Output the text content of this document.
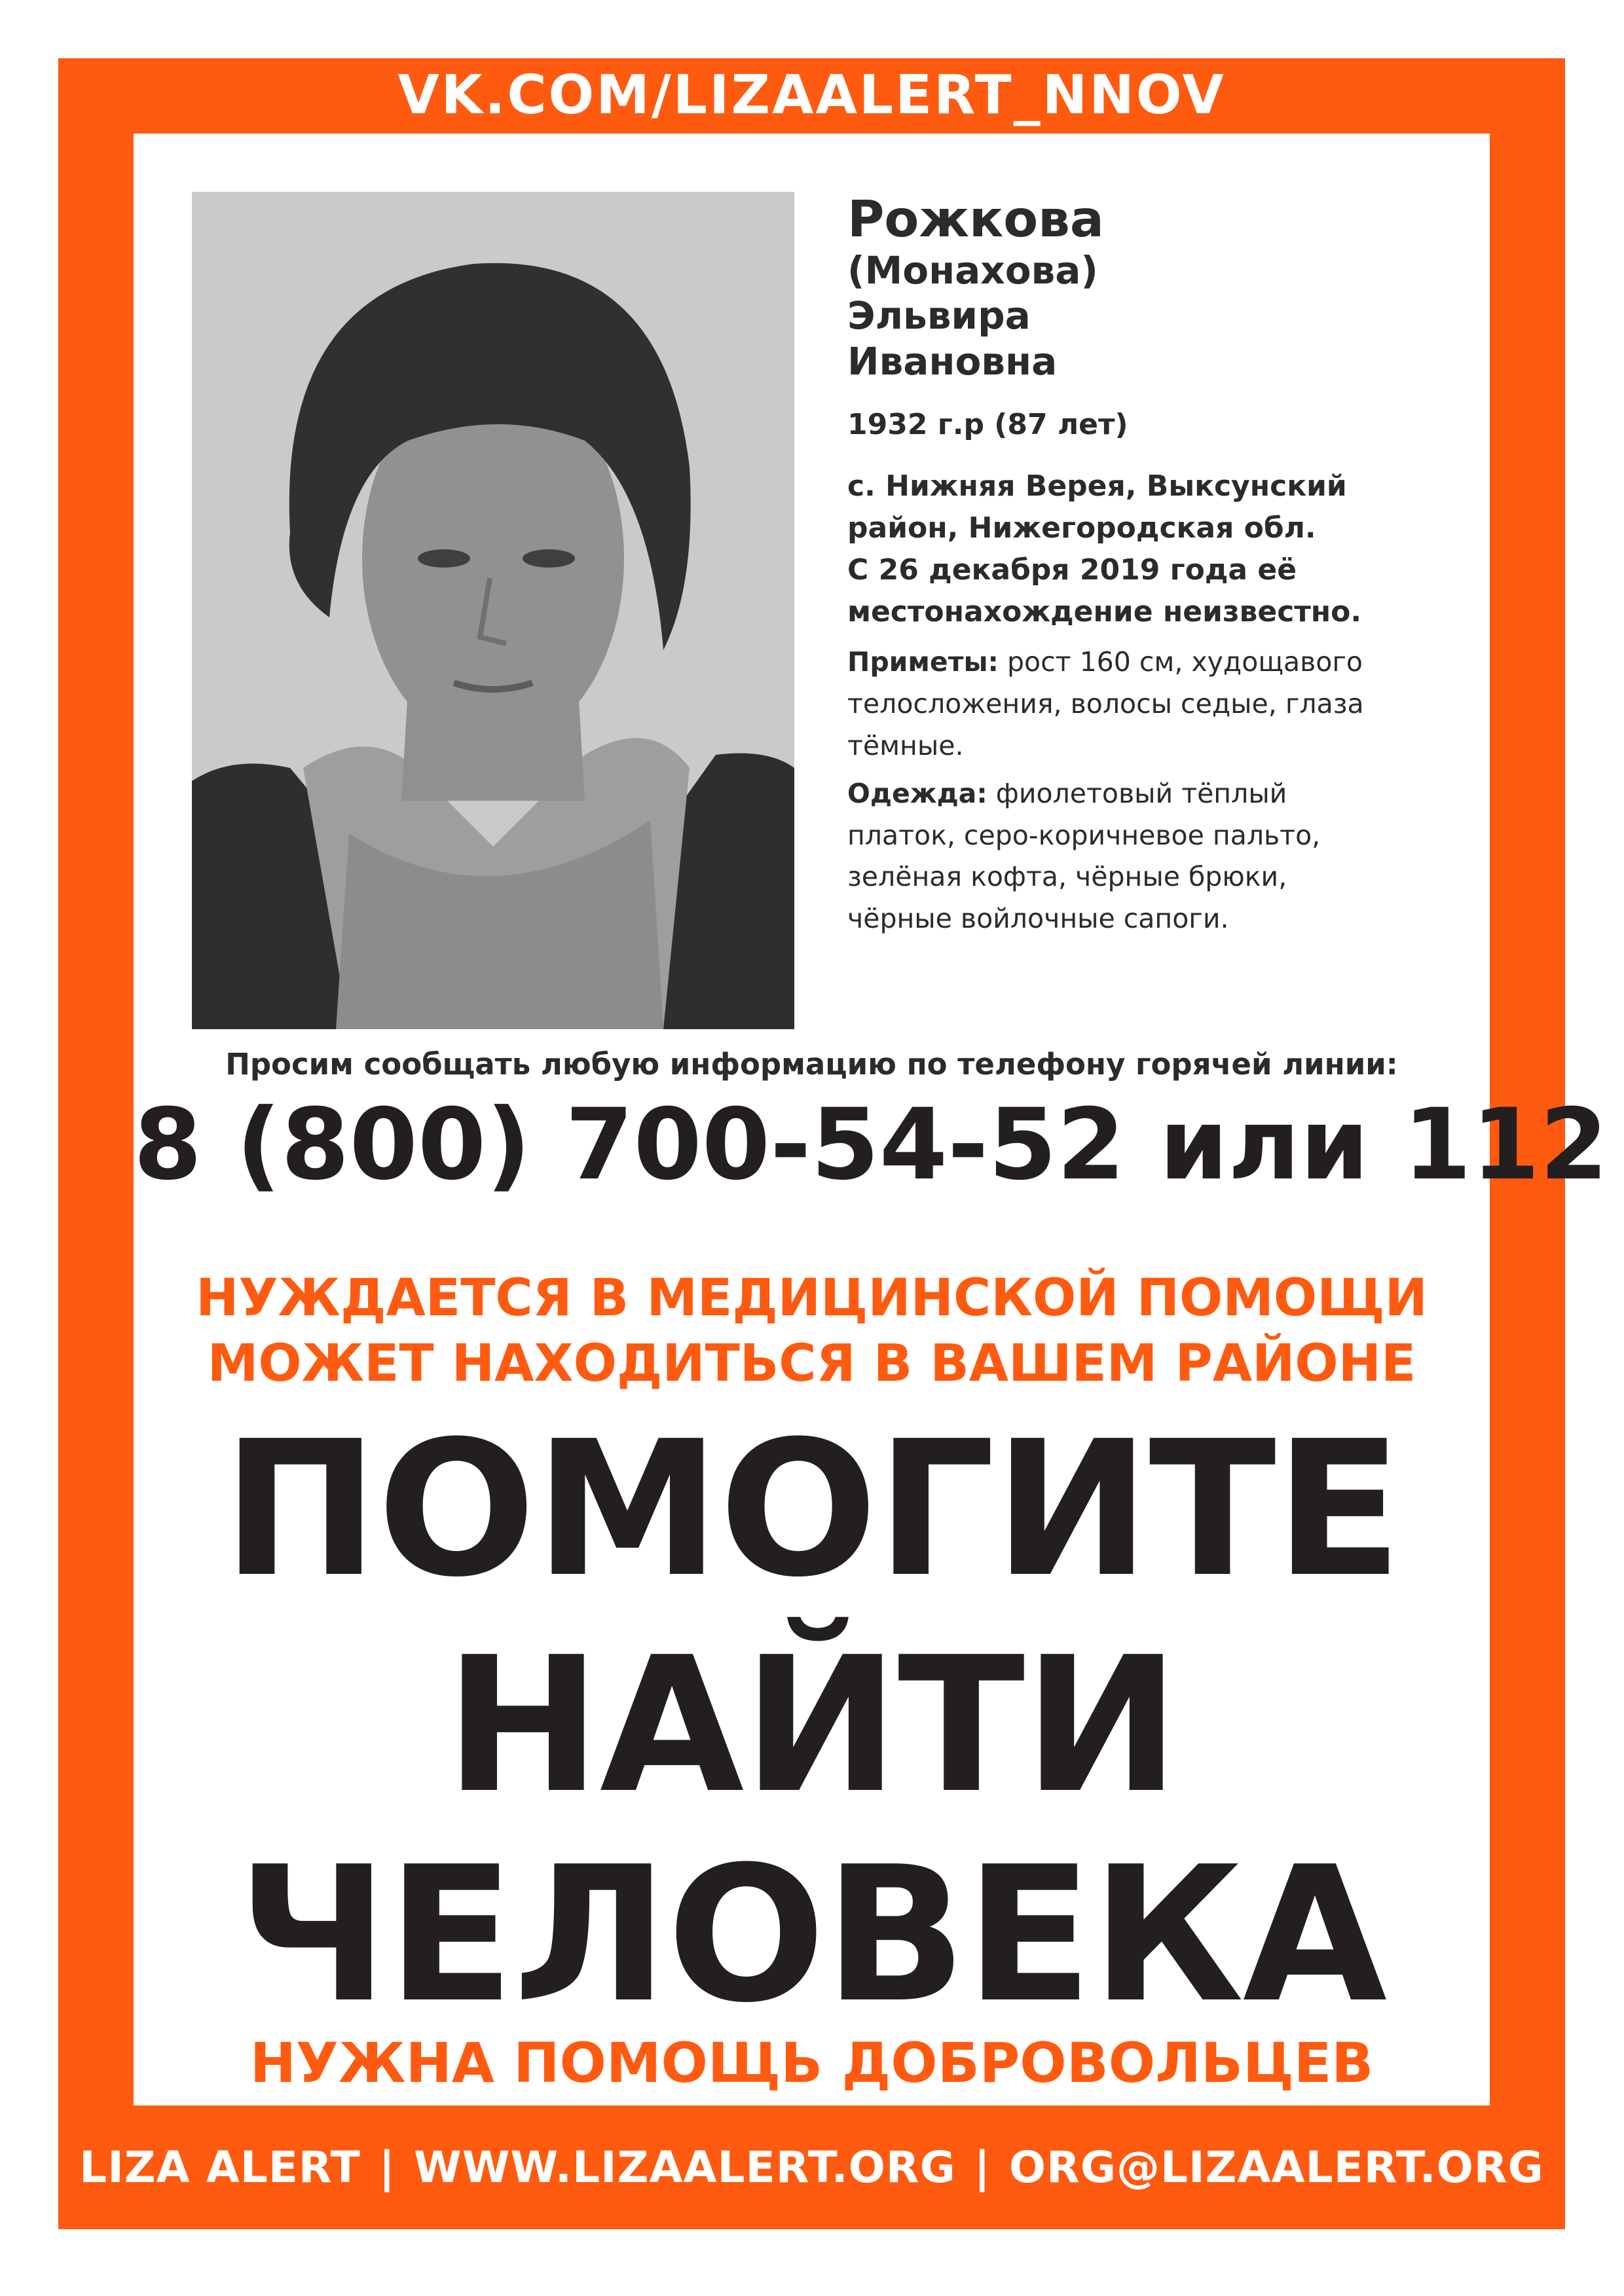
VK.COM/LIZAALERT_NNOV
Рожкова
(Монахова)
Эльвира
Ивановна
1932 г.р (87 лет)
с. Нижняя Верея, Выксунский
район, Нижегородская обл.
С 26 декабря 2019 года её
местонахождение неизвестно.
Приметы: рост 160 см, худощавого
телосложения, волосы седые, глаза
тёмные.
Одежда: фиолетовый тёплый
платок, серо-коричневое пальто,
зелёная кофта, чёрные брюки,
чёрные войлочные сапоги.
Просим сообщать любую информацию по телефону горячей линии:
8 (800) 700-54-52 или 112
НУЖДАЕТСЯ В МЕДИЦИНСКОЙ ПОМОЩИ
МОЖЕТ НАХОДИТЬСЯ В ВАШЕМ РАЙОНЕ
ПОМОГИТЕ
НАЙТИ
ЧЕЛОВЕКА
НУЖНА ПОМОЩЬ ДОБРОВОЛЬЦЕВ
LIZA ALERT | WWW.LIZAALERT.ORG | ORG@LIZAALERT.ORG
